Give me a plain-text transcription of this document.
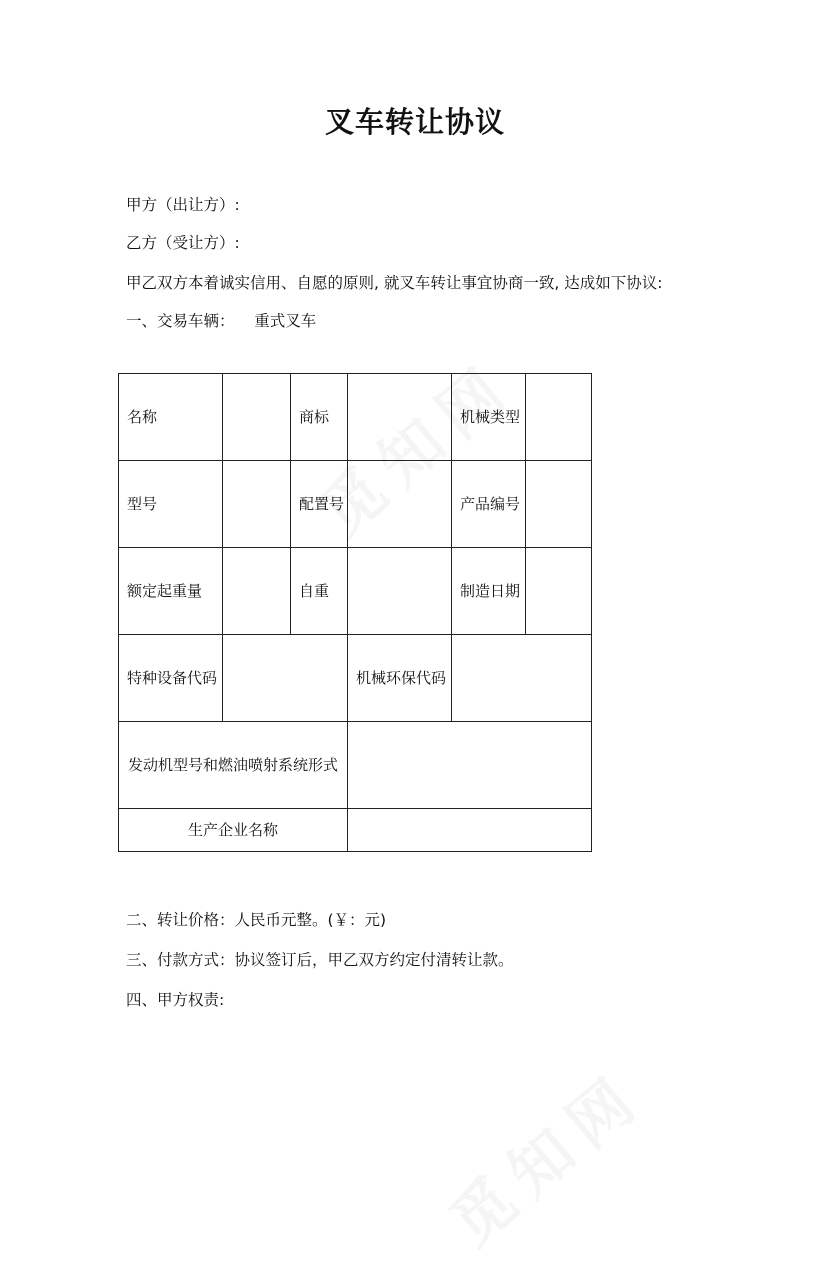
叉车转让协议
甲方（出让方）:
乙方（受让方）:
甲乙双方本着诚实信用、自愿的原则, 就叉车转让事宜协商一致, 达成如下协议:
一、交易车辆：    重式叉车
名称		商标		机械类型	
型号		配置号		产品编号	
额定起重量		自重		制造日期	
特种设备代码			机械环保代码		
发动机型号和燃油喷射系统形式					
生产企业名称					
二、转让价格：人民币元整。(￥：元)
三、付款方式：协议签订后，甲乙双方约定付清转让款。
四、甲方权责:
